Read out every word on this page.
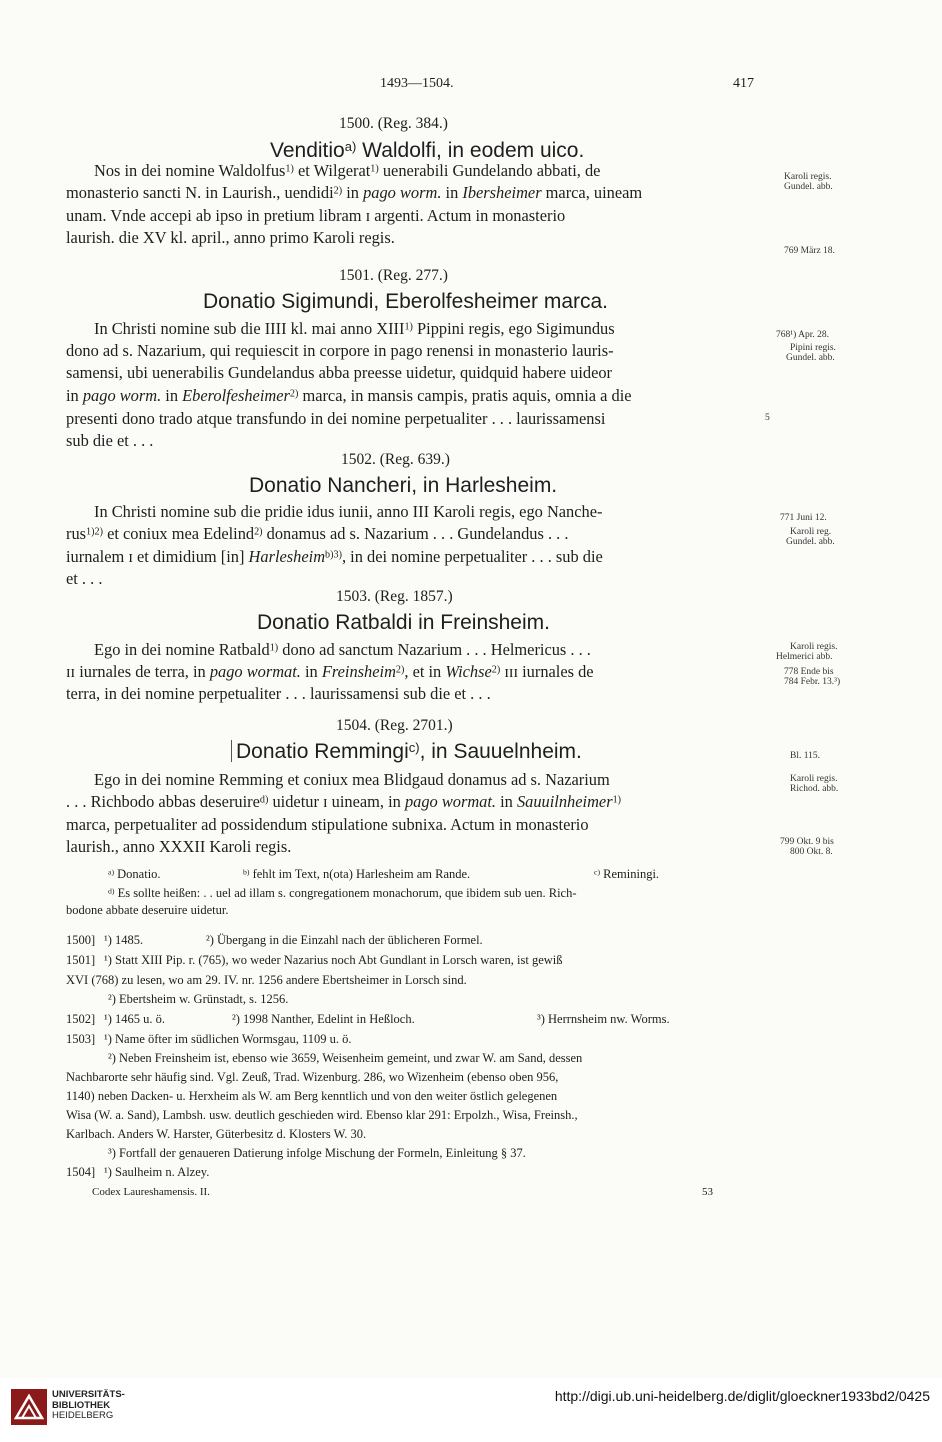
1493—1504.	417
1500. (Reg. 384.)
Venditio$^{a)}$ Waldolfi, in eodem uico.
Nos in dei nomine Waldolfus$^{1)}$ et Wilgerat$^{1)}$ uenerabili Gundelando abbati, de
monasterio sancti N. in Laurish., uendidi$^{2)}$ in pago worm. in Ibersheimer marca, uineam
unam. Vnde accepi ab ipso in pretium libram ɪ argenti. Actum in monasterio
laurish. die XV kl. april., anno primo Karoli regis.
1501. (Reg. 277.)
Donatio Sigimundi, Eberolfesheimer marca.
In Christi nomine sub die IIII kl. mai anno XIII$^{1)}$ Pippini regis, ego Sigimundus
dono ad s. Nazarium, qui requiescit in corpore in pago renensi in monasterio lauris-
samensi, ubi uenerabilis Gundelandus abba preesse uidetur, quidquid habere uideor
in pago worm. in Eberolfesheimer$^{2)}$ marca, in mansis campis, pratis aquis, omnia a die
presenti dono trado atque transfundo in dei nomine perpetualiter . . . laurissamensi
sub die et . . .
1502. (Reg. 639.)
Donatio Nancheri, in Harlesheim.
In Christi nomine sub die pridie idus iunii, anno III Karoli regis, ego Nanche-
rus$^{1)2)}$ et coniux mea Edelind$^{2)}$ donamus ad s. Nazarium . . . Gundelandus . . .
iurnalem ɪ et dimidium [in] Harlesheim$^{b)3)}$, in dei nomine perpetualiter . . . sub die
et . . .
1503. (Reg. 1857.)
Donatio Ratbaldi in Freinsheim.
Ego in dei nomine Ratbald$^{1)}$ dono ad sanctum Nazarium . . . Helmericus . . .
ɪɪ iurnales de terra, in pago wormat. in Freinsheim$^{2)}$, et in Wichse$^{2)}$ ɪɪɪ iurnales de
terra, in dei nomine perpetualiter . . . laurissamensi sub die et . . .
1504. (Reg. 2701.)
Donatio Remmingi$^{c)}$, in Sauuelnheim.
Ego in dei nomine Remming et coniux mea Blidgaud donamus ad s. Nazarium
. . . Richbodo abbas deseruire$^{d)}$ uidetur ɪ uineam, in pago wormat. in Sauuilnheimer$^{1)}$
marca, perpetualiter ad possidendum stipulatione subnixa. Actum in monasterio
laurish., anno XXXII Karoli regis.
Karoli regis.
Gundel. abb.
769 März 18.
768¹) Apr. 28.
Pipini regis.
Gundel. abb.
5
771 Juni 12.
Karoli reg.
Gundel. abb.
Karoli regis.
Helmerici abb.
778 Ende bis
784 Febr. 13.³)
Bl. 115.
Karoli regis.
Richod. abb.
799 Okt. 9 bis
800 Okt. 8.
$^{a)}$ Donatio.	$^{b)}$ fehlt im Text, n(ota) Harlesheim am Rande.	$^{c)}$ Reminingi.
$^{d)}$ Es sollte heißen: . . uel ad illam s. congregationem monachorum, que ibidem sub uen. Rich-
bodone abbate deseruire uidetur.
1500] ¹) 1485.	²) Übergang in die Einzahl nach der üblicheren Formel.
1501] ¹) Statt XIII Pip. r. (765), wo weder Nazarius noch Abt Gundlant in Lorsch waren, ist gewiß
XVI (768) zu lesen, wo am 29. IV. nr. 1256 andere Ebertsheimer in Lorsch sind.
²) Ebertsheim w. Grünstadt, s. 1256.
1502] ¹) 1465 u. ö.	²) 1998 Nanther, Edelint in Heßloch.	³) Herrnsheim nw. Worms.
1503] ¹) Name öfter im südlichen Wormsgau, 1109 u. ö.
²) Neben Freinsheim ist, ebenso wie 3659, Weisenheim gemeint, und zwar W. am Sand, dessen
Nachbarorte sehr häufig sind. Vgl. Zeuß, Trad. Wizenburg. 286, wo Wizenheim (ebenso oben 956,
1140) neben Dacken- u. Herxheim als W. am Berg kenntlich und von den weiter östlich gelegenen
Wisa (W. a. Sand), Lambsh. usw. deutlich geschieden wird. Ebenso klar 291: Erpolzh., Wisa, Freinsh.,
Karlbach. Anders W. Harster, Güterbesitz d. Klosters W. 30.
³) Fortfall der genaueren Datierung infolge Mischung der Formeln, Einleitung § 37.
1504] ¹) Saulheim n. Alzey.
Codex Laureshamensis. II.	53
UNIVERSITÄTS-
BIBLIOTHEK
HEIDELBERG
http://digi.ub.uni-heidelberg.de/diglit/gloeckner1933bd2/0425
